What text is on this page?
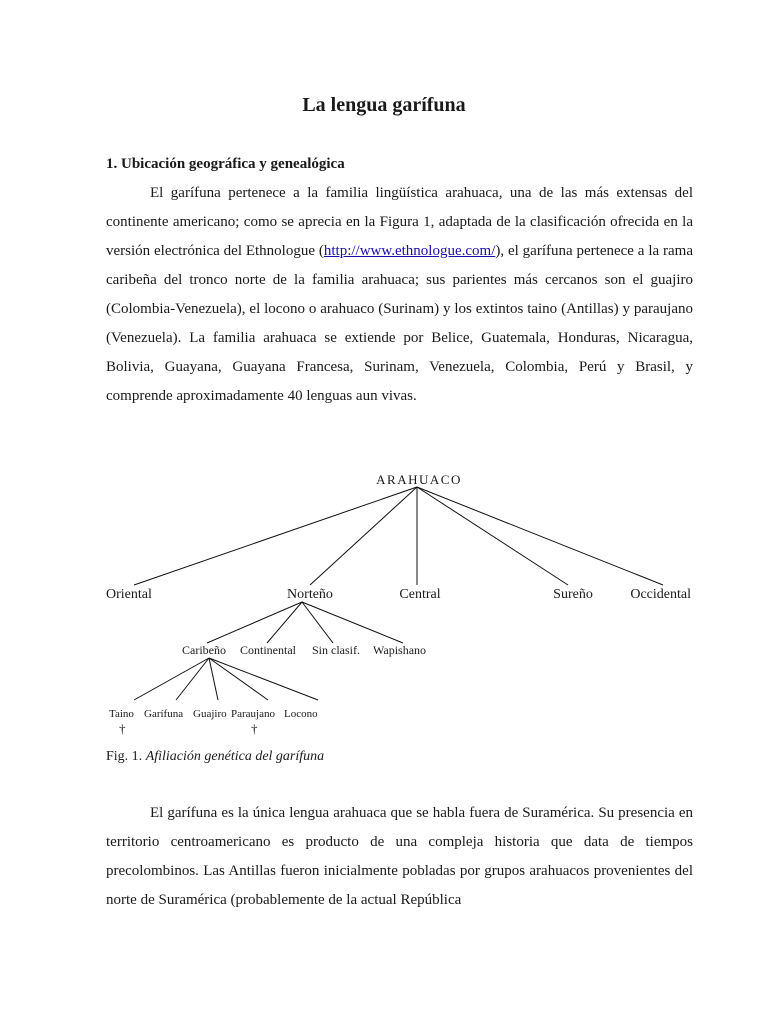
La lengua garífuna
1. Ubicación geográfica y genealógica

El garífuna pertenece a la familia lingüística arahuaca, una de las más extensas del continente americano; como se aprecia en la Figura 1, adaptada de la clasificación ofrecida en la versión electrónica del Ethnologue (http://www.ethnologue.com/), el garífuna pertenece a la rama caribeña del tronco norte de la familia arahuaca; sus parientes más cercanos son el guajiro (Colombia-Venezuela), el locono o arahuaco (Surinam) y los extintos taino (Antillas) y paraujano (Venezuela). La familia arahuaca se extiende por Belice, Guatemala, Honduras, Nicaragua, Bolivia, Guayana, Guayana Francesa, Surinam, Venezuela, Colombia, Perú y Brasil, y comprende aproximadamente 40 lenguas aun vivas.

ARAHUACO
Oriental	Norteño	Central	Sureño	Occidental
Caribeño Continental Sin clasif. Wapishano
Taino Garífuna Guajiro Paraujano Locono
†	†
Fig. 1. Afiliación genética del garífuna

El garífuna es la única lengua arahuaca que se habla fuera de Suramérica. Su presencia en territorio centroamericano es producto de una compleja historia que data de tiempos precolombinos. Las Antillas fueron inicialmente pobladas por grupos arahuacos provenientes del norte de Suramérica (probablemente de la actual República
